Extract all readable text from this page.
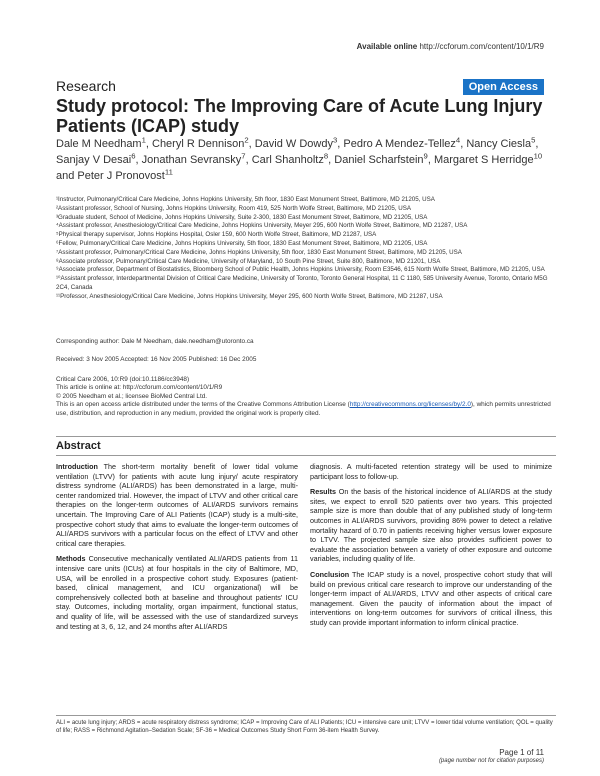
Available online http://ccforum.com/content/10/1/R9
Research	Open Access
Study protocol: The Improving Care of Acute Lung Injury Patients (ICAP) study
Dale M Needham$^1$, Cheryl R Dennison$^2$, David W Dowdy$^3$, Pedro A Mendez-Tellez$^4$, Nancy Ciesla$^5$, Sanjay V Desai$^6$, Jonathan Sevransky$^7$, Carl Shanholtz$^8$, Daniel Scharfstein$^9$, Margaret S Herridge$^{10}$ and Peter J Pronovost$^{11}$
¹Instructor, Pulmonary/Critical Care Medicine, Johns Hopkins University, 5th floor, 1830 East Monument Street, Baltimore, MD 21205, USA
²Assistant professor, School of Nursing, Johns Hopkins University, Room 419, 525 North Wolfe Street, Baltimore, MD 21205, USA
³Graduate student, School of Medicine, Johns Hopkins University, Suite 2-300, 1830 East Monument Street, Baltimore, MD 21205, USA
⁴Assistant professor, Anesthesiology/Critical Care Medicine, Johns Hopkins University, Meyer 295, 600 North Wolfe Street, Baltimore, MD 21287, USA
⁵Physical therapy supervisor, Johns Hopkins Hospital, Osler 159, 600 North Wolfe Street, Baltimore, MD 21287, USA
⁶Fellow, Pulmonary/Critical Care Medicine, Johns Hopkins University, 5th floor, 1830 East Monument Street, Baltimore, MD 21205, USA
⁷Assistant professor, Pulmonary/Critical Care Medicine, Johns Hopkins University, 5th floor, 1830 East Monument Street, Baltimore, MD 21205, USA
⁸Associate professor, Pulmonary/Critical Care Medicine, University of Maryland, 10 South Pine Street, Suite 800, Baltimore, MD 21201, USA
⁹Associate professor, Department of Biostatistics, Bloomberg School of Public Health, Johns Hopkins University, Room E3546, 615 North Wolfe Street, Baltimore, MD 21205, USA
¹⁰Assistant professor, Interdepartmental Division of Critical Care Medicine, University of Toronto, Toronto General Hospital, 11 C 1180, 585 University Avenue, Toronto, Ontario M5G 2C4, Canada
¹¹Professor, Anesthesiology/Critical Care Medicine, Johns Hopkins University, Meyer 295, 600 North Wolfe Street, Baltimore, MD 21287, USA
Corresponding author: Dale M Needham, dale.needham@utoronto.ca
Received: 3 Nov 2005 Accepted: 16 Nov 2005 Published: 16 Dec 2005
Critical Care 2006, 10:R9 (doi:10.1186/cc3948)
This article is online at: http://ccforum.com/content/10/1/R9
© 2005 Needham et al.; licensee BioMed Central Ltd.
This is an open access article distributed under the terms of the Creative Commons Attribution License (http://creativecommons.org/licenses/by/2.0), which permits unrestricted use, distribution, and reproduction in any medium, provided the original work is properly cited.
Abstract

Introduction The short-term mortality benefit of lower tidal volume ventilation (LTVV) for patients with acute lung injury/ acute respiratory distress syndrome (ALI/ARDS) has been demonstrated in a large, multi-center randomized trial. However, the impact of LTVV and other critical care therapies on the longer-term outcomes of ALI/ARDS survivors remains uncertain. The Improving Care of ALI Patients (ICAP) study is a multi-site, prospective cohort study that aims to evaluate the longer-term outcomes of ALI/ARDS survivors with a particular focus on the effect of LTVV and other critical care therapies.

Methods Consecutive mechanically ventilated ALI/ARDS patients from 11 intensive care units (ICUs) at four hospitals in the city of Baltimore, MD, USA, will be enrolled in a prospective cohort study. Exposures (patient-based, clinical management, and ICU organizational) will be comprehensively collected both at baseline and throughout patients' ICU stay. Outcomes, including mortality, organ impairment, functional status, and quality of life, will be assessed with the use of standardized surveys and testing at 3, 6, 12, and 24 months after ALI/ARDS

diagnosis. A multi-faceted retention strategy will be used to minimize participant loss to follow-up.

Results On the basis of the historical incidence of ALI/ARDS at the study sites, we expect to enroll 520 patients over two years. This projected sample size is more than double that of any published study of long-term outcomes in ALI/ARDS survivors, providing 86% power to detect a relative mortality hazard of 0.70 in patients receiving higher versus lower exposure to LTVV. The projected sample size also provides sufficient power to evaluate the association between a variety of other exposure and outcome variables, including quality of life.

Conclusion The ICAP study is a novel, prospective cohort study that will build on previous critical care research to improve our understanding of the longer-term impact of ALI/ARDS, LTVV and other aspects of critical care management. Given the paucity of information about the impact of interventions on long-term outcomes for survivors of critical illness, this study can provide important information to inform clinical practice.

ALI = acute lung injury; ARDS = acute respiratory distress syndrome; ICAP = Improving Care of ALI Patients; ICU = intensive care unit; LTVV = lower tidal volume ventilation; QOL = quality of life; RASS = Richmond Agitation–Sedation Scale; SF-36 = Medical Outcomes Study Short Form 36-item Health Survey.
Page 1 of 11
(page number not for citation purposes)
